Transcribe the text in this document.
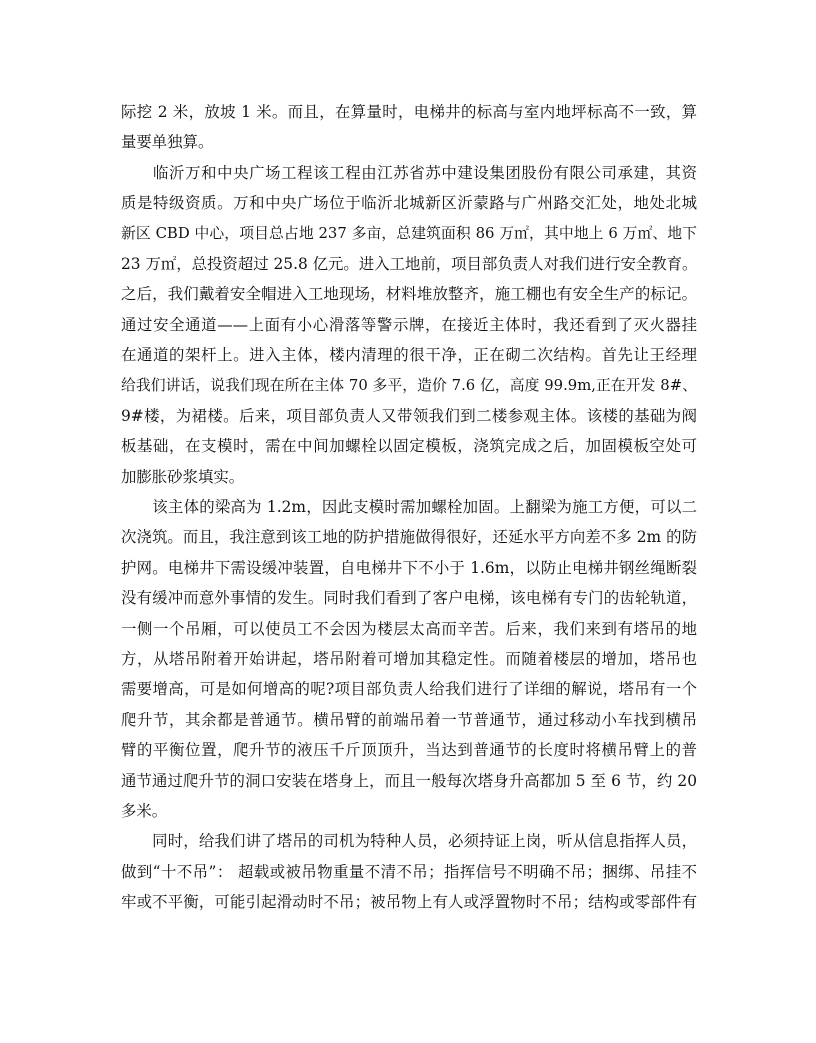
际挖 2 米，放坡 1 米。而且，在算量时，电梯井的标高与室内地坪标高不一致，算
量要单独算。
　　临沂万和中央广场工程该工程由江苏省苏中建设集团股份有限公司承建，其资
质是特级资质。万和中央广场位于临沂北城新区沂蒙路与广州路交汇处，地处北城
新区 CBD 中心，项目总占地 237 多亩，总建筑面积 86 万㎡，其中地上 6 万㎡、地下
23 万㎡，总投资超过 25.8 亿元。进入工地前，项目部负责人对我们进行安全教育。
之后，我们戴着安全帽进入工地现场，材料堆放整齐，施工棚也有安全生产的标记。
通过安全通道——上面有小心滑落等警示牌，在接近主体时，我还看到了灭火器挂
在通道的架杆上。进入主体，楼内清理的很干净，正在砌二次结构。首先让王经理
给我们讲话，说我们现在所在主体 70 多平，造价 7.6 亿，高度 99.9m,正在开发 8#、
9#楼，为裙楼。后来，项目部负责人又带领我们到二楼参观主体。该楼的基础为阀
板基础，在支模时，需在中间加螺栓以固定模板，浇筑完成之后，加固模板空处可
加膨胀砂浆填实。
　　该主体的梁高为 1.2m，因此支模时需加螺栓加固。上翻梁为施工方便，可以二
次浇筑。而且，我注意到该工地的防护措施做得很好，还延水平方向差不多 2m 的防
护网。电梯井下需设缓冲装置，自电梯井下不小于 1.6m，以防止电梯井钢丝绳断裂
没有缓冲而意外事情的发生。同时我们看到了客户电梯，该电梯有专门的齿轮轨道，
一侧一个吊厢，可以使员工不会因为楼层太高而辛苦。后来，我们来到有塔吊的地
方，从塔吊附着开始讲起，塔吊附着可增加其稳定性。而随着楼层的增加，塔吊也
需要增高，可是如何增高的呢?项目部负责人给我们进行了详细的解说，塔吊有一个
爬升节，其余都是普通节。横吊臂的前端吊着一节普通节，通过移动小车找到横吊
臂的平衡位置，爬升节的液压千斤顶顶升，当达到普通节的长度时将横吊臂上的普
通节通过爬升节的洞口安装在塔身上，而且一般每次塔身升高都加 5 至 6 节，约 20
多米。
　　同时，给我们讲了塔吊的司机为特种人员，必须持证上岗，听从信息指挥人员，
做到“十不吊”： 超载或被吊物重量不清不吊；指挥信号不明确不吊；捆绑、吊挂不
牢或不平衡，可能引起滑动时不吊；被吊物上有人或浮置物时不吊；结构或零部件有
